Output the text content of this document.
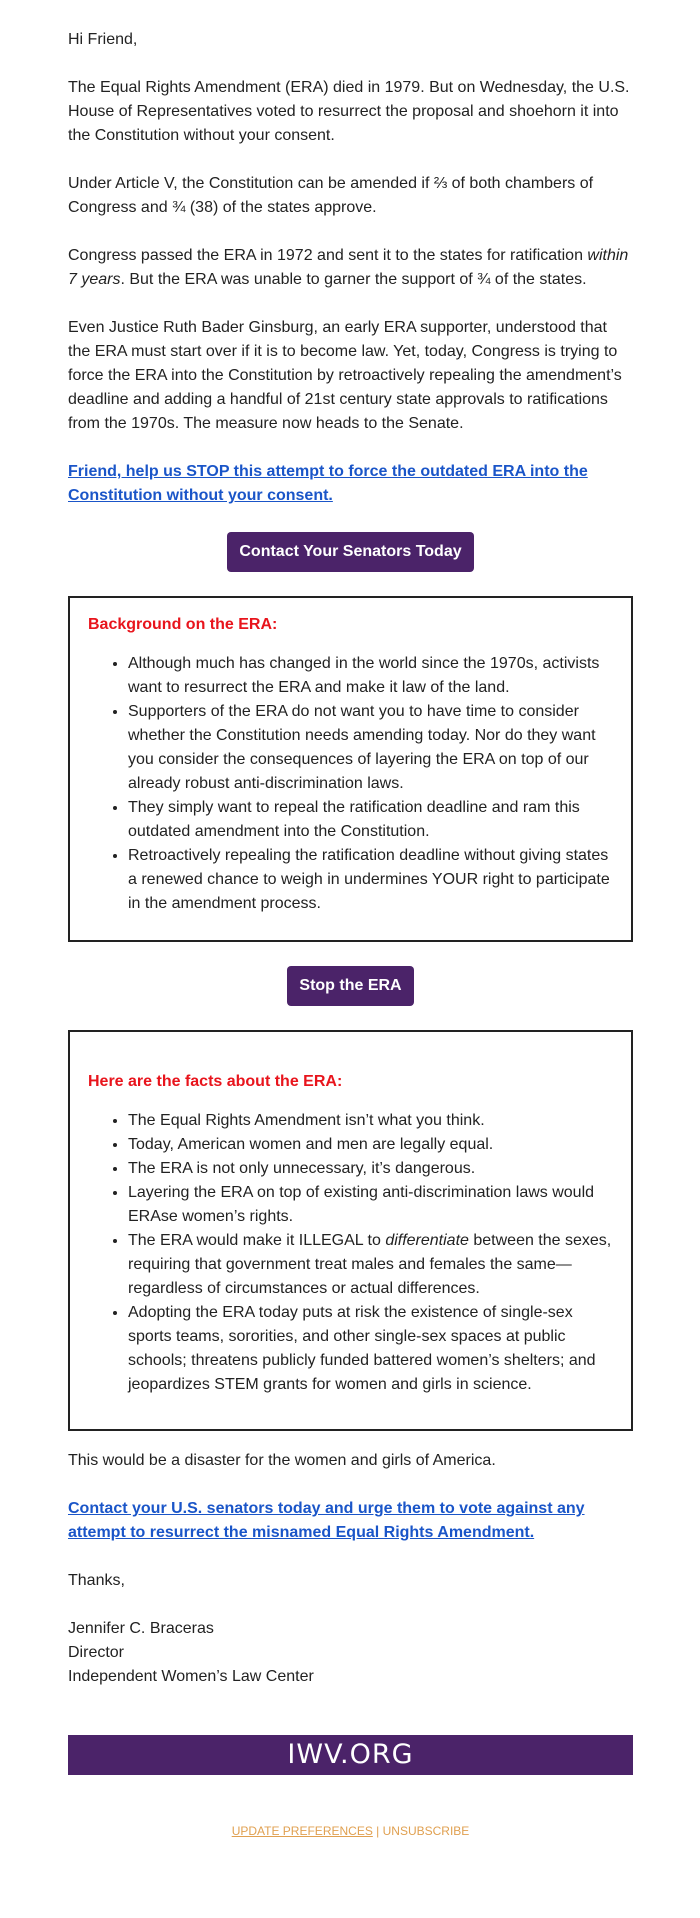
Hi Friend,

The Equal Rights Amendment (ERA) died in 1979. But on Wednesday, the U.S. House of Representatives voted to resurrect the proposal and shoehorn it into the Constitution without your consent.

Under Article V, the Constitution can be amended if ⅔ of both chambers of Congress and ¾ (38) of the states approve.

Congress passed the ERA in 1972 and sent it to the states for ratification within 7 years. But the ERA was unable to garner the support of ¾ of the states.

Even Justice Ruth Bader Ginsburg, an early ERA supporter, understood that the ERA must start over if it is to become law. Yet, today, Congress is trying to force the ERA into the Constitution by retroactively repealing the amendment’s deadline and adding a handful of 21st century state approvals to ratifications from the 1970s. The measure now heads to the Senate.

Friend, help us STOP this attempt to force the outdated ERA into the Constitution without your consent.

Contact Your Senators Today

Background on the ERA:

• Although much has changed in the world since the 1970s, activists want to resurrect the ERA and make it law of the land.
• Supporters of the ERA do not want you to have time to consider whether the Constitution needs amending today. Nor do they want you consider the consequences of layering the ERA on top of our already robust anti-discrimination laws.
• They simply want to repeal the ratification deadline and ram this outdated amendment into the Constitution.
• Retroactively repealing the ratification deadline without giving states a renewed chance to weigh in undermines YOUR right to participate in the amendment process.
Stop the ERA

Here are the facts about the ERA:

• The Equal Rights Amendment isn’t what you think.
• Today, American women and men are legally equal.
• The ERA is not only unnecessary, it’s dangerous.
• Layering the ERA on top of existing anti-discrimination laws would ERAse women’s rights.
• The ERA would make it ILLEGAL to differentiate between the sexes, requiring that government treat males and females the same—regardless of circumstances or actual differences.
• Adopting the ERA today puts at risk the existence of single-sex sports teams, sororities, and other single-sex spaces at public schools; threatens publicly funded battered women’s shelters; and jeopardizes STEM grants for women and girls in science.

This would be a disaster for the women and girls of America.

Contact your U.S. senators today and urge them to vote against any attempt to resurrect the misnamed Equal Rights Amendment.

Thanks,

Jennifer C. Braceras

Director

Independent Women’s Law Center

IWV.ORG
UPDATE PREFERENCES | UNSUBSCRIBE
